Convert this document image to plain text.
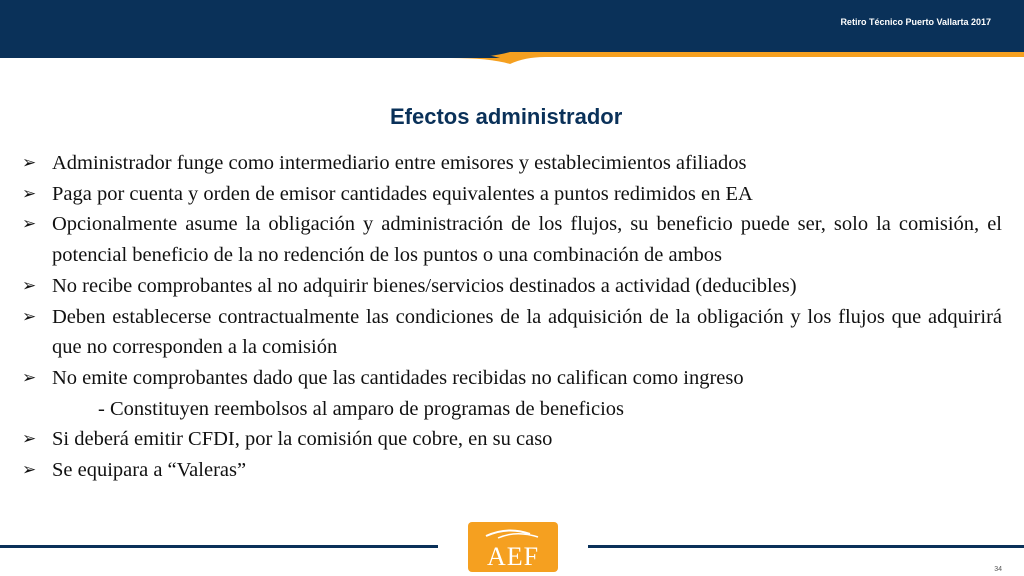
Retiro Técnico Puerto Vallarta 2017
Efectos administrador
➢ Administrador funge como intermediario entre emisores y establecimientos afiliados
➢ Paga por cuenta y orden de emisor cantidades equivalentes a puntos redimidos en EA
➢ Opcionalmente asume la obligación y administración de los flujos, su beneficio puede ser, solo la comisión, el potencial beneficio de la no redención de los puntos o una combinación de ambos
➢ No recibe comprobantes al no adquirir bienes/servicios destinados a actividad (deducibles)
➢ Deben establecerse contractualmente las condiciones de la adquisición de la obligación y los flujos que adquirirá que no corresponden a la comisión
➢ No emite comprobantes dado que las cantidades recibidas no califican como ingreso
- Constituyen reembolsos al amparo de programas de beneficios
➢ Si deberá emitir CFDI, por la comisión que cobre, en su caso
➢ Se equipara a “Valeras”
AEF	34
